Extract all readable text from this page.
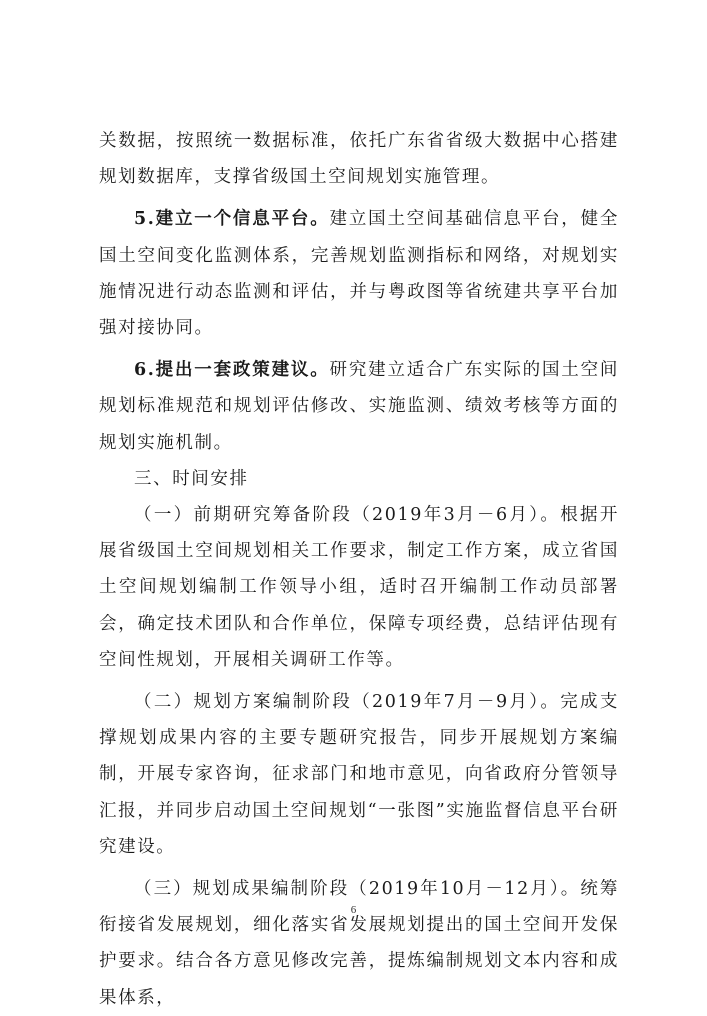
关数据，按照统一数据标准，依托广东省省级大数据中心搭建规划数据库，支撑省级国土空间规划实施管理。

5.建立一个信息平台。建立国土空间基础信息平台，健全国土空间变化监测体系，完善规划监测指标和网络，对规划实施情况进行动态监测和评估，并与粤政图等省统建共享平台加强对接协同。

6.提出一套政策建议。研究建立适合广东实际的国土空间规划标准规范和规划评估修改、实施监测、绩效考核等方面的规划实施机制。

三、时间安排

（一）前期研究筹备阶段（2019年3月－6月）。根据开展省级国土空间规划相关工作要求，制定工作方案，成立省国土空间规划编制工作领导小组，适时召开编制工作动员部署会，确定技术团队和合作单位，保障专项经费，总结评估现有空间性规划，开展相关调研工作等。

（二）规划方案编制阶段（2019年7月－9月）。完成支撑规划成果内容的主要专题研究报告，同步开展规划方案编制，开展专家咨询，征求部门和地市意见，向省政府分管领导汇报，并同步启动国土空间规划“一张图”实施监督信息平台研究建设。

（三）规划成果编制阶段（2019年10月－12月）。统筹衔接省发展规划，细化落实省发展规划提出的国土空间开发保护要求。结合各方意见修改完善，提炼编制规划文本内容和成果体系，

6
